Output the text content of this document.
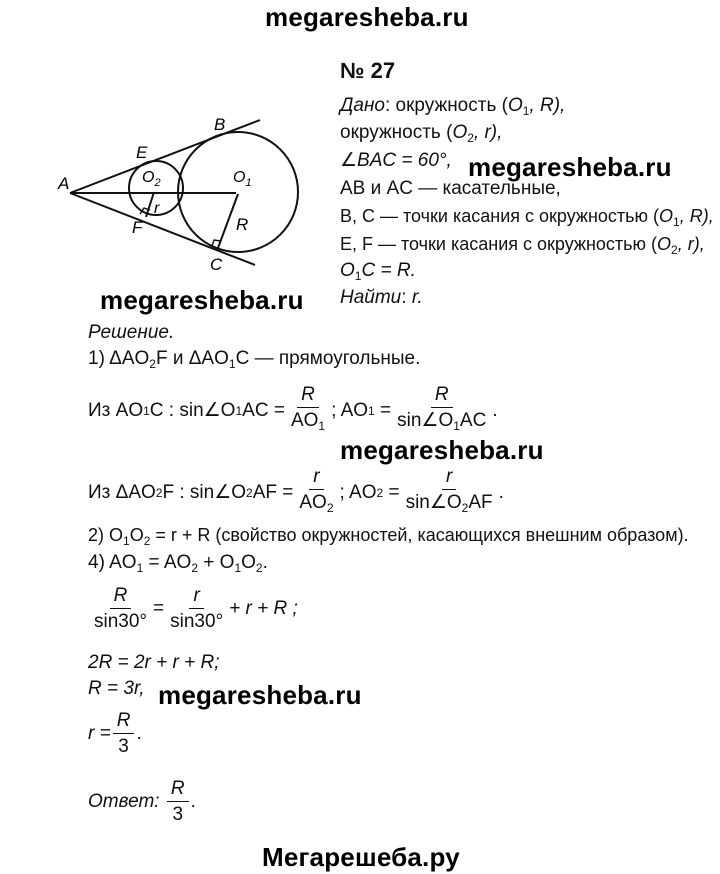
megaresheba.ru
megaresheba.ru
megaresheba.ru
megaresheba.ru
megaresheba.ru
Мегарешеба.ру
№ 27
A
B
C
E
F
$O_2$	$O_1$
r
R
Дано: окружность ($O_1$, R),
окружность ($O_2$, r),
∠BAC = 60°,
AB и AC — касательные,
B, C — точки касания с окружностью ($O_1$, R),
E, F — точки касания с окружностью ($O_2$, r),
$O_1C = R$.
Найти: r.
Решение.
1) $\Delta AO_2F$ и $\Delta AO_1C$ — прямоугольные.
Из AO 1 C : sin∠O 1 AC = $\frac{R}{AO_1}$ ; AO 1
= $\frac{R}{\sin\angle O_1AC}$ .
Из ΔAO 2 F : sin∠O 2 AF = $\frac{r}{AO_2}$ ; AO 2
= $\frac{r}{\sin\angle O_2AF}$ .
2) $O_1O_2 = r + R$ (свойство окружностей, касающихся внешним образом).
4) $AO_1 = AO_2 + O_1O_2$.
$\frac{R}{\sin 30^\circ} = \frac{r}{\sin 30^\circ} + r + R$ ;
2R = 2r + r + R;
R = 3r,
$r = \frac{R}{3}$ .
Ответ:
$\frac{R}{3}$ .
